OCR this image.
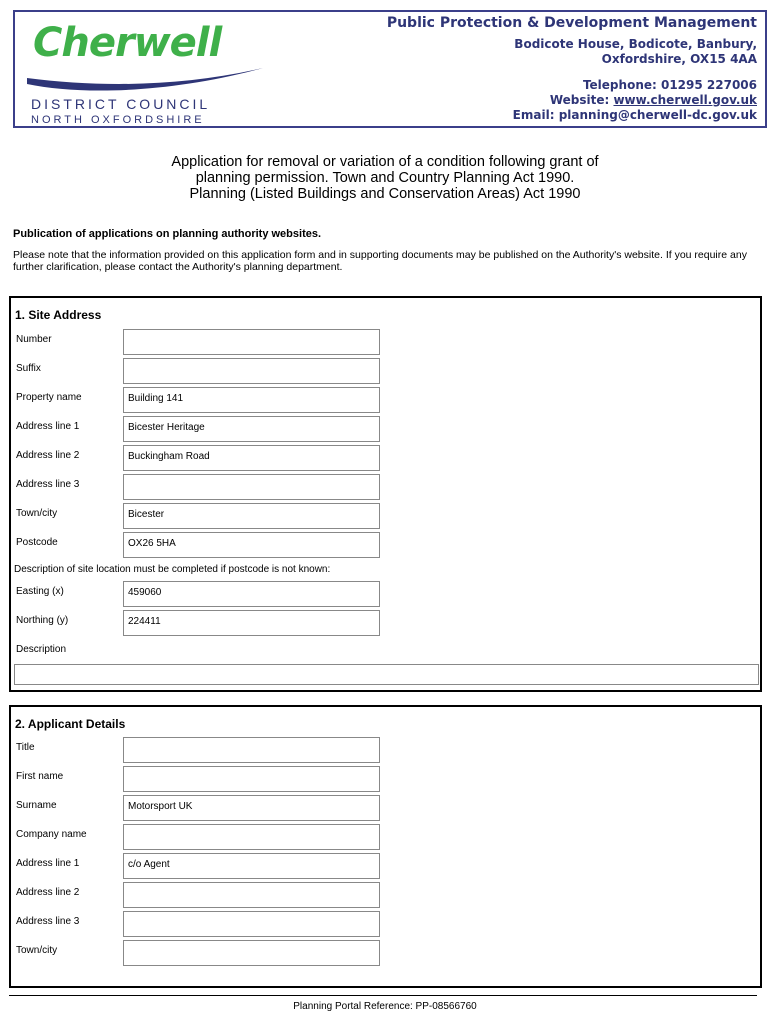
Cherwell
DISTRICT COUNCIL
NORTH OXFORDSHIRE
Public Protection & Development Management
Bodicote House, Bodicote, Banbury,
Oxfordshire, OX15 4AA
Telephone: 01295 227006
Website: www.cherwell.gov.uk
Email: planning@cherwell-dc.gov.uk
Application for removal or variation of a condition following grant of
planning permission. Town and Country Planning Act 1990.
Planning (Listed Buildings and Conservation Areas) Act 1990
Publication of applications on planning authority websites.
Please note that the information provided on this application form and in supporting documents may be published on the Authority's website. If you require any further clarification, please contact the Authority's planning department.
1. Site Address
Number
Suffix
Property name	Building 141
Address line 1	Bicester Heritage
Address line 2	Buckingham Road
Address line 3
Town/city	Bicester
Postcode	OX26 5HA
Description of site location must be completed if postcode is not known:
Easting (x)	459060
Northing (y)	224411
Description
2. Applicant Details
Title
First name
Surname	Motorsport UK
Company name
Address line 1	c/o Agent
Address line 2
Address line 3
Town/city
Planning Portal Reference: PP-08566760
